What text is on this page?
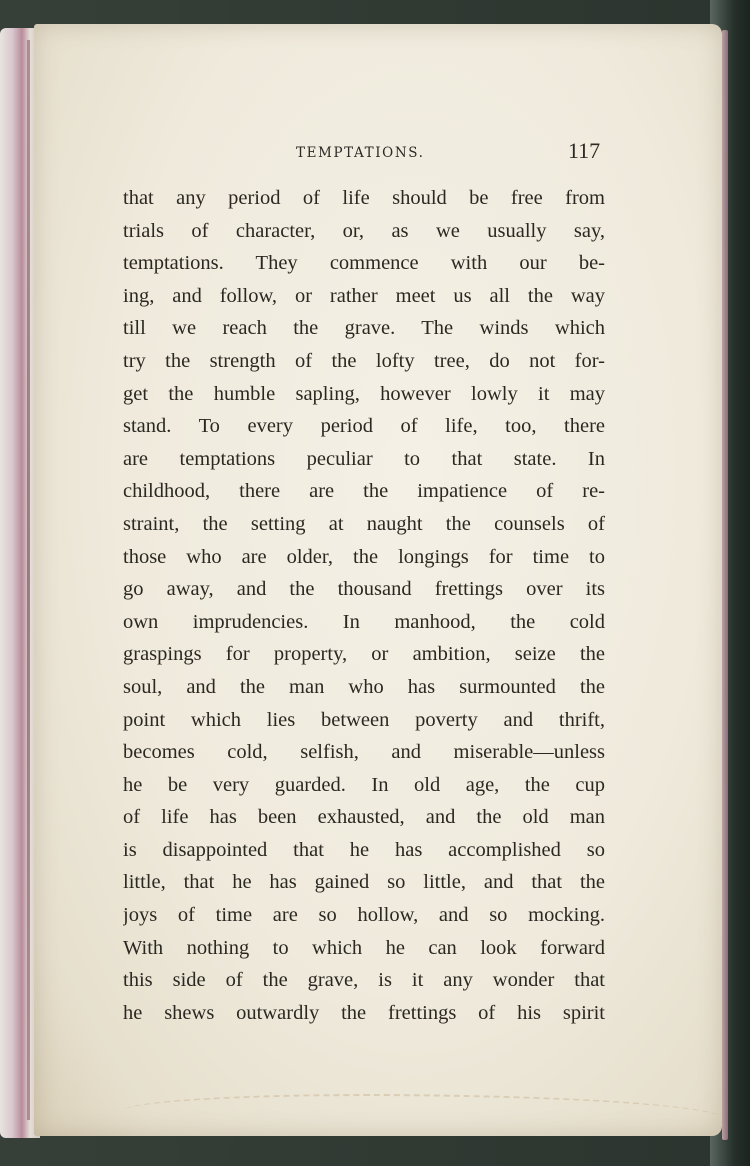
TEMPTATIONS.	117
that any period of life should be free from
trials of character, or, as we usually say,
temptations. They commence with our be-
ing, and follow, or rather meet us all the way
till we reach the grave. The winds which
try the strength of the lofty tree, do not for-
get the humble sapling, however lowly it may
stand. To every period of life, too, there
are temptations peculiar to that state. In
childhood, there are the impatience of re-
straint, the setting at naught the counsels of
those who are older, the longings for time to
go away, and the thousand frettings over its
own imprudencies. In manhood, the cold
graspings for property, or ambition, seize the
soul, and the man who has surmounted the
point which lies between poverty and thrift,
becomes cold, selfish, and miserable—unless
he be very guarded. In old age, the cup
of life has been exhausted, and the old man
is disappointed that he has accomplished so
little, that he has gained so little, and that the
joys of time are so hollow, and so mocking.
With nothing to which he can look forward
this side of the grave, is it any wonder that
he shews outwardly the frettings of his spirit
